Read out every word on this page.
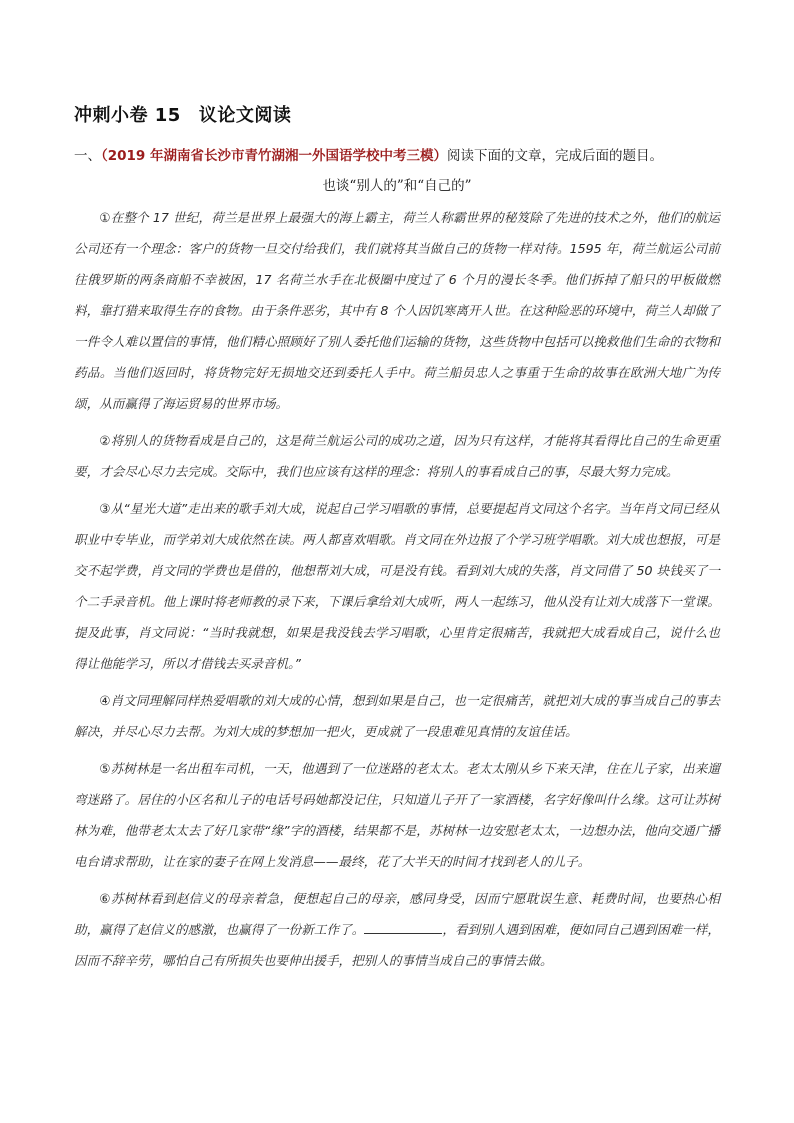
冲刺小卷 15 议论文阅读
一、（2019 年湖南省长沙市青竹湖湘一外国语学校中考三模）阅读下面的文章，完成后面的题目。
也谈“别人的”和“自己的”

①在整个 17 世纪，荷兰是世界上最强大的海上霸主，荷兰人称霸世界的秘笈除了先进的技术之外，他们的航运公司还有一个理念：客户的货物一旦交付给我们，我们就将其当做自己的货物一样对待。1595 年，荷兰航运公司前往俄罗斯的两条商船不幸被困，17 名荷兰水手在北极圈中度过了 6 个月的漫长冬季。他们拆掉了船只的甲板做燃料，靠打猎来取得生存的食物。由于条件恶劣，其中有 8 个人因饥寒离开人世。在这种险恶的环境中，荷兰人却做了一件令人难以置信的事情，他们精心照顾好了别人委托他们运输的货物，这些货物中包括可以挽救他们生命的衣物和药品。当他们返回时，将货物完好无损地交还到委托人手中。荷兰船员忠人之事重于生命的故事在欧洲大地广为传颂，从而赢得了海运贸易的世界市场。

②将别人的货物看成是自己的，这是荷兰航运公司的成功之道，因为只有这样，才能将其看得比自己的生命更重要，才会尽心尽力去完成。交际中，我们也应该有这样的理念：将别人的事看成自己的事，尽最大努力完成。

③从“星光大道”走出来的歌手刘大成，说起自己学习唱歌的事情，总要提起肖文同这个名字。当年肖文同已经从职业中专毕业，而学弟刘大成依然在读。两人都喜欢唱歌。肖文同在外边报了个学习班学唱歌。刘大成也想报，可是交不起学费，肖文同的学费也是借的，他想帮刘大成，可是没有钱。看到刘大成的失落，肖文同借了 50 块钱买了一个二手录音机。他上课时将老师教的录下来，下课后拿给刘大成听，两人一起练习，他从没有让刘大成落下一堂课。提及此事，肖文同说：“当时我就想，如果是我没钱去学习唱歌，心里肯定很痛苦，我就把大成看成自己，说什么也得让他能学习，所以才借钱去买录音机。”

④肖文同理解同样热爱唱歌的刘大成的心情，想到如果是自己，也一定很痛苦，就把刘大成的事当成自己的事去解决，并尽心尽力去帮。为刘大成的梦想加一把火，更成就了一段患难见真情的友谊佳话。

⑤苏树林是一名出租车司机，一天，他遇到了一位迷路的老太太。老太太刚从乡下来天津，住在儿子家，出来遛弯迷路了。居住的小区名和儿子的电话号码她都没记住，只知道儿子开了一家酒楼，名字好像叫什么缘。这可让苏树林为难，他带老太太去了好几家带“缘”字的酒楼，结果都不是，苏树林一边安慰老太太，一边想办法，他向交通广播电台请求帮助，让在家的妻子在网上发消息——最终，花了大半天的时间才找到老人的儿子。

⑥苏树林看到赵信义的母亲着急，便想起自己的母亲，感同身受，因而宁愿耽误生意、耗费时间，也要热心相助，赢得了赵信义的感激，也赢得了一份新工作了。	，看到别人遇到困难，便如同自己遇到困难一样，因而不辞辛劳，哪怕自己有所损失也要伸出援手，把别人的事情当成自己的事情去做。
